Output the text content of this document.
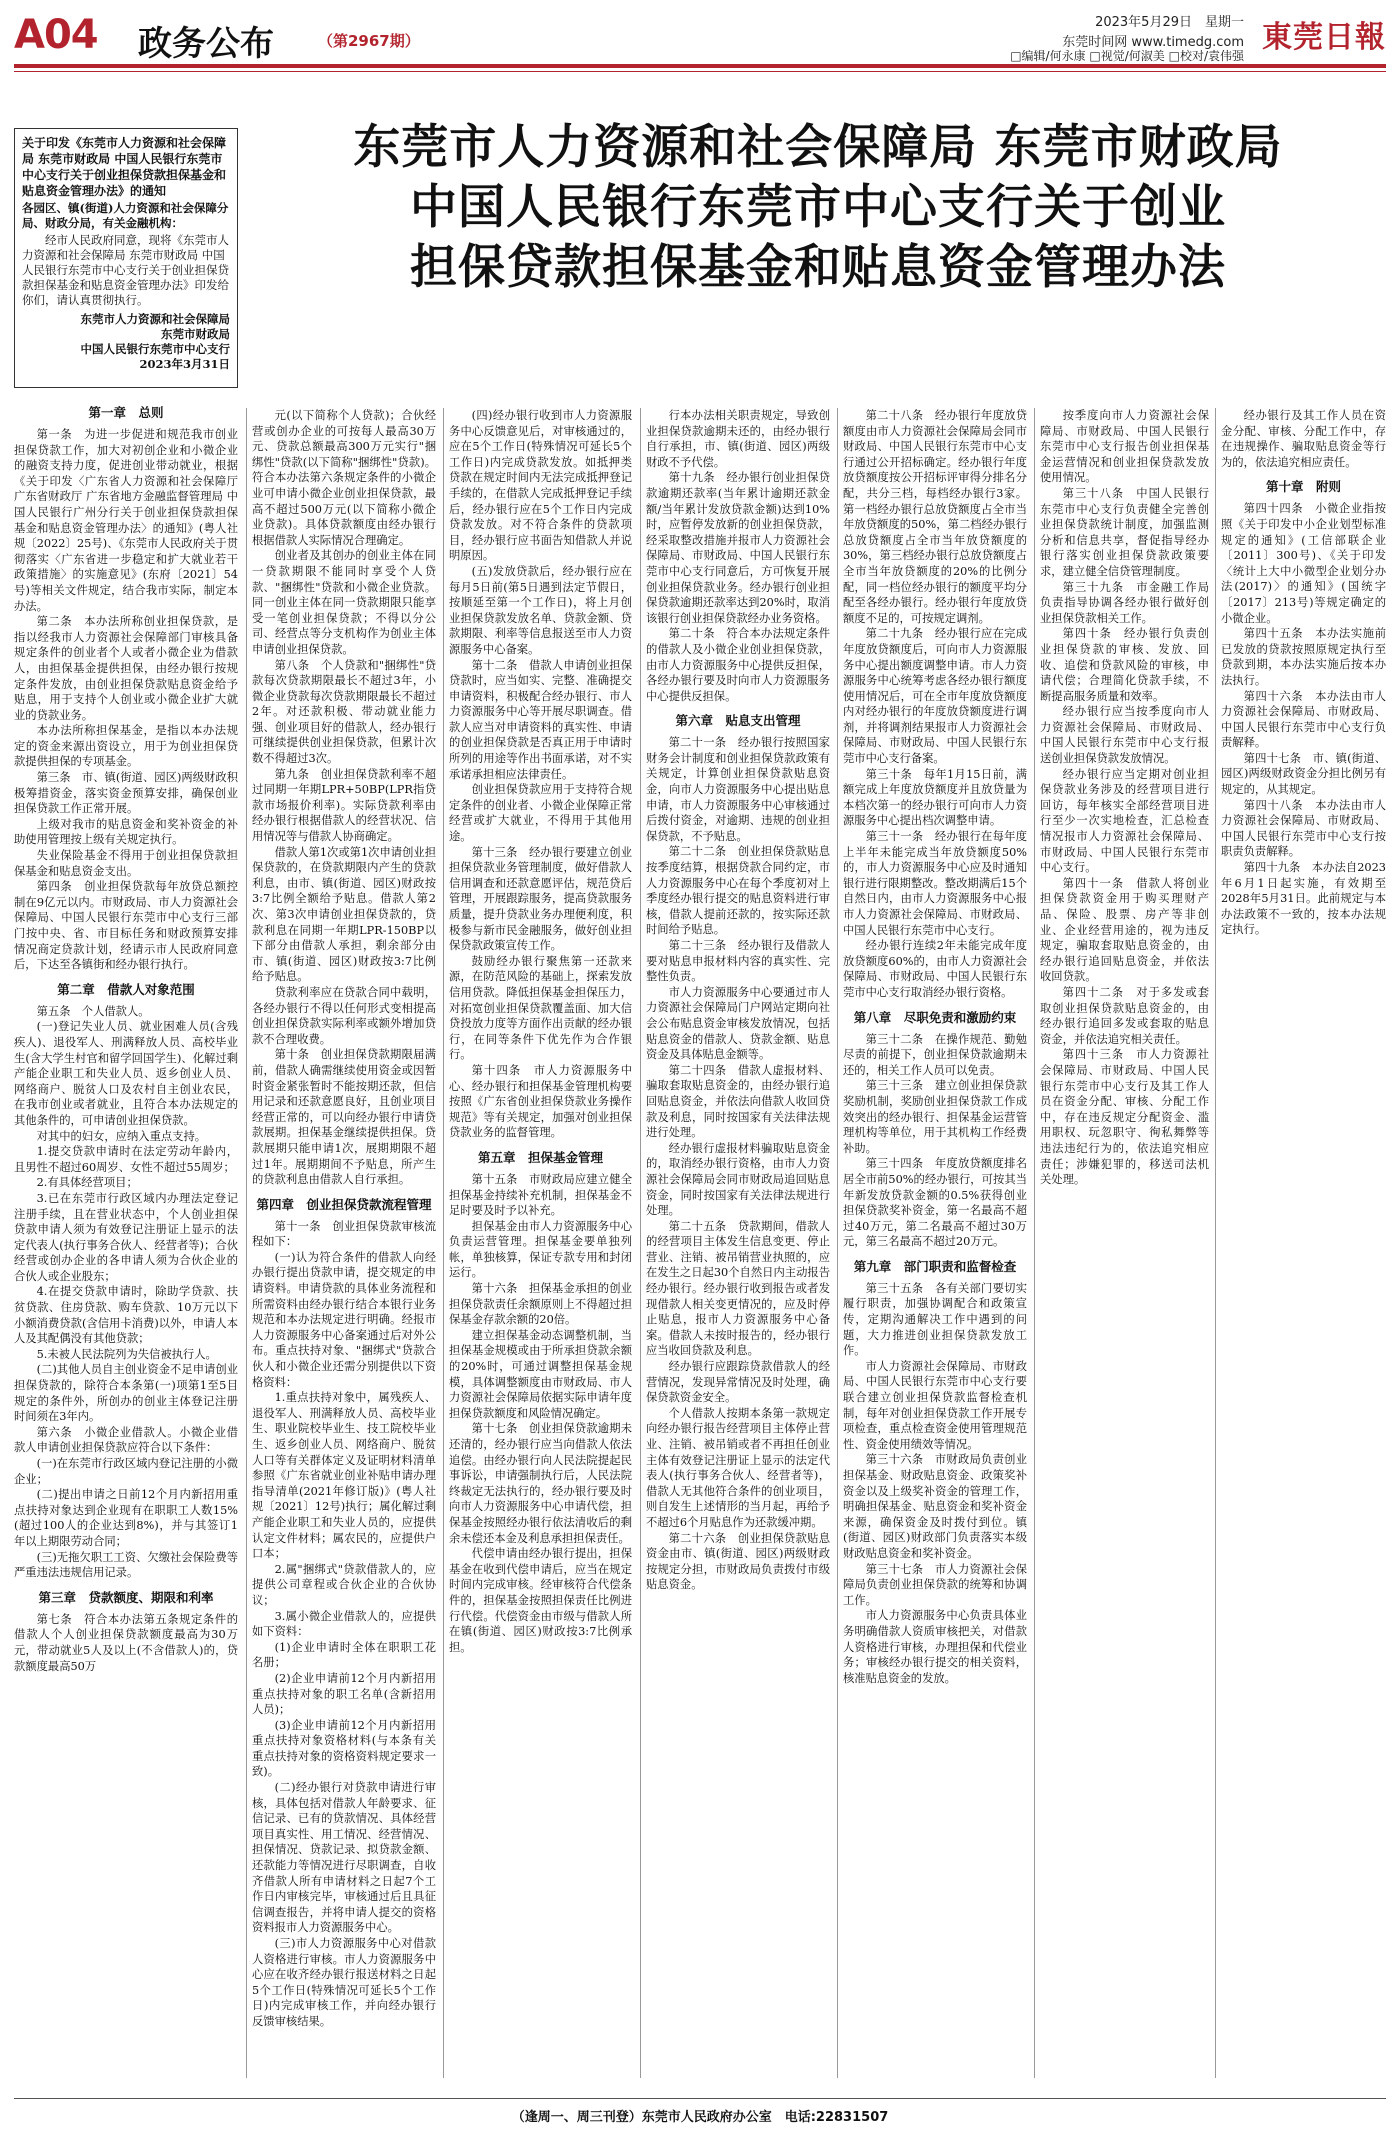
A04 政务公布	（第2967期）
2023年5月29日　星期一
东莞时间网 www.timedg.com
□编辑/何永康 □视觉/何淑美 □校对/袁伟强
東莞日報
关于印发《东莞市人力资源和社会保障局 东莞市财政局 中国人民银行东莞市中心支行关于创业担保贷款担保基金和贴息资金管理办法》的通知
各园区、镇(街道)人力资源和社会保障分局、财政分局，有关金融机构：
经市人民政府同意，现将《东莞市人力资源和社会保障局 东莞市财政局 中国人民银行东莞市中心支行关于创业担保贷款担保基金和贴息资金管理办法》印发给你们，请认真贯彻执行。
东莞市人力资源和社会保障局
东莞市财政局
中国人民银行东莞市中心支行
2023年3月31日
东莞市人力资源和社会保障局 东莞市财政局
中国人民银行东莞市中心支行关于创业
担保贷款担保基金和贴息资金管理办法
第一章　总则

第一条　为进一步促进和规范我市创业担保贷款工作，加大对初创企业和小微企业的融资支持力度，促进创业带动就业，根据《关于印发〈广东省人力资源和社会保障厅 广东省财政厅 广东省地方金融监督管理局 中国人民银行广州分行关于创业担保贷款担保基金和贴息资金管理办法〉的通知》(粤人社规〔2022〕25号)、《东莞市人民政府关于贯彻落实〈广东省进一步稳定和扩大就业若干政策措施〉的实施意见》(东府〔2021〕54号)等相关文件规定，结合我市实际，制定本办法。

第二条　本办法所称创业担保贷款，是指以经我市人力资源社会保障部门审核具备规定条件的创业者个人或者小微企业为借款人，由担保基金提供担保，由经办银行按规定条件发放，由创业担保贷款贴息资金给予贴息，用于支持个人创业或小微企业扩大就业的贷款业务。

本办法所称担保基金，是指以本办法规定的资金来源出资设立，用于为创业担保贷款提供担保的专项基金。

第三条　市、镇(街道、园区)两级财政积极筹措资金，落实资金预算安排，确保创业担保贷款工作正常开展。

上级对我市的贴息资金和奖补资金的补助使用管理按上级有关规定执行。

失业保险基金不得用于创业担保贷款担保基金和贴息资金支出。

第四条　创业担保贷款每年放贷总额控制在9亿元以内。市财政局、市人力资源社会保障局、中国人民银行东莞市中心支行三部门按中央、省、市目标任务和财政预算安排情况商定贷款计划，经请示市人民政府同意后，下达至各镇街和经办银行执行。

第二章　借款人对象范围

第五条　个人借款人。

(一)登记失业人员、就业困难人员(含残疾人)、退役军人、刑满释放人员、高校毕业生(含大学生村官和留学回国学生)、化解过剩产能企业职工和失业人员、返乡创业人员、网络商户、脱贫人口及农村自主创业农民，在我市创业或者就业，且符合本办法规定的其他条件的，可申请创业担保贷款。

对其中的妇女，应纳入重点支持。

1.提交贷款申请时在法定劳动年龄内，且男性不超过60周岁、女性不超过55周岁；

2.有具体经营项目；

3.已在东莞市行政区域内办理法定登记注册手续，且在营业状态中，个人创业担保贷款申请人须为有效登记注册证上显示的法定代表人(执行事务合伙人、经营者等)；合伙经营或创办企业的各申请人须为合伙企业的合伙人或企业股东；

4.在提交贷款申请时，除助学贷款、扶贫贷款、住房贷款、购车贷款、10万元以下小额消费贷款(含信用卡消费)以外，申请人本人及其配偶没有其他贷款；

5.未被人民法院列为失信被执行人。

(二)其他人员自主创业资金不足申请创业担保贷款的，除符合本条第(一)项第1至5目规定的条件外，所创办的创业主体登记注册时间须在3年内。

第六条　小微企业借款人。小微企业借款人申请创业担保贷款应符合以下条件：

(一)在东莞市行政区域内登记注册的小微企业；

(二)提出申请之日前12个月内新招用重点扶持对象达到企业现有在职职工人数15%(超过100人的企业达到8%)，并与其签订1年以上期限劳动合同；

(三)无拖欠职工工资、欠缴社会保险费等严重违法违规信用记录。

第三章　贷款额度、期限和利率

第七条　符合本办法第五条规定条件的借款人个人创业担保贷款额度最高为30万元，带动就业5人及以上(不含借款人)的，贷款额度最高50万

元(以下简称个人贷款)；合伙经营或创办企业的可按每人最高30万元、贷款总额最高300万元实行"捆绑性"贷款(以下简称"捆绑性"贷款)。符合本办法第六条规定条件的小微企业可申请小微企业创业担保贷款，最高不超过500万元(以下简称小微企业贷款)。具体贷款额度由经办银行根据借款人实际情况合理确定。

创业者及其创办的创业主体在同一贷款期限不能同时享受个人贷款、"捆绑性"贷款和小微企业贷款。同一创业主体在同一贷款期限只能享受一笔创业担保贷款；不得以分公司、经营点等分支机构作为创业主体申请创业担保贷款。

第八条　个人贷款和"捆绑性"贷款每次贷款期限最长不超过3年，小微企业贷款每次贷款期限最长不超过2年。对还款积极、带动就业能力强、创业项目好的借款人，经办银行可继续提供创业担保贷款，但累计次数不得超过3次。

第九条　创业担保贷款利率不超过同期一年期LPR+50BP(LPR指贷款市场报价利率)。实际贷款利率由经办银行根据借款人的经营状况、信用情况等与借款人协商确定。

借款人第1次或第1次申请创业担保贷款的，在贷款期限内产生的贷款利息，由市、镇(街道、园区)财政按3:7比例全额给予贴息。借款人第2次、第3次申请创业担保贷款的，贷款利息在同期一年期LPR-150BP以下部分由借款人承担，剩余部分由市、镇(街道、园区)财政按3:7比例给予贴息。

贷款利率应在贷款合同中载明，各经办银行不得以任何形式变相提高创业担保贷款实际利率或额外增加贷款不合理收费。

第十条　创业担保贷款期限届满前，借款人确需继续使用资金或因暂时资金紧张暂时不能按期还款，但信用记录和还款意愿良好，且创业项目经营正常的，可以向经办银行申请贷款展期。担保基金继续提供担保。贷款展期只能申请1次，展期期限不超过1年。展期期间不予贴息，所产生的贷款利息由借款人自行承担。

第四章　创业担保贷款流程管理

第十一条　创业担保贷款审核流程如下：

(一)认为符合条件的借款人向经办银行提出贷款申请，提交规定的申请资料。申请贷款的具体业务流程和所需资料由经办银行结合本银行业务规范和本办法规定进行明确。经报市人力资源服务中心备案通过后对外公布。重点扶持对象、"捆绑式"贷款合伙人和小微企业还需分别提供以下资格资料：

1.重点扶持对象中，属残疾人、退役军人、刑满释放人员、高校毕业生、职业院校毕业生、技工院校毕业生、返乡创业人员、网络商户、脱贫人口等有关群体定义及证明材料清单参照《广东省就业创业补贴申请办理指导清单(2021年修订版)》(粤人社规〔2021〕12号)执行；属化解过剩产能企业职工和失业人员的，应提供认定文件材料；属农民的，应提供户口本；

2.属"捆绑式"贷款借款人的，应提供公司章程或合伙企业的合伙协议；

3.属小微企业借款人的，应提供如下资料：

(1)企业申请时全体在职职工花名册；

(2)企业申请前12个月内新招用重点扶持对象的职工名单(含新招用人员)；

(3)企业申请前12个月内新招用重点扶持对象资格材料(与本条有关重点扶持对象的资格资料规定要求一致)。

(二)经办银行对贷款申请进行审核，具体包括对借款人年龄要求、征信记录、已有的贷款情况、具体经营项目真实性、用工情况、经营情况、担保情况、贷款记录、拟贷款金额、还款能力等情况进行尽职调查，自收齐借款人所有申请材料之日起7个工作日内审核完毕，审核通过后且具征信调查报告，并将申请人提交的资格资料报市人力资源服务中心。

(三)市人力资源服务中心对借款人资格进行审核。市人力资源服务中心应在收齐经办银行报送材料之日起5个工作日(特殊情况可延长5个工作日)内完成审核工作，并向经办银行反馈审核结果。

(四)经办银行收到市人力资源服务中心反馈意见后，对审核通过的，应在5个工作日(特殊情况可延长5个工作日)内完成贷款发放。如抵押类贷款在规定时间内无法完成抵押登记手续的，在借款人完成抵押登记手续后，经办银行应在5个工作日内完成贷款发放。对不符合条件的贷款项目，经办银行应书面告知借款人并说明原因。

(五)发放贷款后，经办银行应在每月5日前(第5日遇到法定节假日，按顺延至第一个工作日)，将上月创业担保贷款发放名单、贷款金额、贷款期限、利率等信息报送至市人力资源服务中心备案。

第十二条　借款人申请创业担保贷款时，应当如实、完整、准确提交申请资料，积极配合经办银行、市人力资源服务中心等开展尽职调查。借款人应当对申请资料的真实性、申请的创业担保贷款是否真正用于申请时所列的用途等作出书面承诺，对不实承诺承担相应法律责任。

创业担保贷款应用于支持符合规定条件的创业者、小微企业保障正常经营或扩大就业，不得用于其他用途。

第十三条　经办银行要建立创业担保贷款业务管理制度，做好借款人信用调查和还款意愿评估，规范贷后管理，开展跟踪服务，提高贷款服务质量，提升贷款业务办理便利度，积极参与新市民金融服务，做好创业担保贷款政策宣传工作。

鼓励经办银行聚焦第一还款来源，在防范风险的基础上，探索发放信用贷款。降低担保基金担保压力，对拓宽创业担保贷款覆盖面、加大信贷投放力度等方面作出贡献的经办银行，在同等条件下优先作为合作银行。

第十四条　市人力资源服务中心、经办银行和担保基金管理机构要按照《广东省创业担保贷款业务操作规范》等有关规定，加强对创业担保贷款业务的监督管理。

第五章　担保基金管理

第十五条　市财政局应建立健全担保基金持续补充机制，担保基金不足时要及时予以补充。

担保基金由市人力资源服务中心负责运营管理。担保基金要单独列帐，单独核算，保证专款专用和封闭运行。

第十六条　担保基金承担的创业担保贷款责任余额原则上不得超过担保基金存款余额的20倍。

建立担保基金动态调整机制，当担保基金规模或由于所承担贷款余额的20%时，可通过调整担保基金规模，具体调整额度由市财政局、市人力资源社会保障局依据实际申请年度担保贷款额度和风险情况确定。

第十七条　创业担保贷款逾期未还清的，经办银行应当向借款人依法追偿。由经办银行向人民法院提起民事诉讼，申请强制执行后，人民法院终裁定无法执行的，经办银行要及时向市人力资源服务中心申请代偿，担保基金按照经办银行依法清收后的剩余未偿还本金及利息承担担保责任。

代偿申请由经办银行提出，担保基金在收到代偿申请后，应当在规定时间内完成审核。经审核符合代偿条件的，担保基金按照担保责任比例进行代偿。代偿资金由市级与借款人所在镇(街道、园区)财政按3:7比例承担。

行本办法相关职责规定，导致创业担保贷款逾期未还的，由经办银行自行承担，市、镇(街道、园区)两级财政不予代偿。

第十九条　经办银行创业担保贷款逾期还款率(当年累计逾期还款金额/当年累计发放贷款金额)达到10%时，应暂停发放新的创业担保贷款，经采取整改措施并报市人力资源社会保障局、市财政局、中国人民银行东莞市中心支行同意后，方可恢复开展创业担保贷款业务。经办银行创业担保贷款逾期还款率达到20%时，取消该银行创业担保贷款经办业务资格。

第二十条　符合本办法规定条件的借款人及小微企业创业担保贷款，由市人力资源服务中心提供反担保，各经办银行要及时向市人力资源服务中心提供反担保。

第六章　贴息支出管理

第二十一条　经办银行按照国家财务会计制度和创业担保贷款政策有关规定，计算创业担保贷款贴息资金，向市人力资源服务中心提出贴息申请，市人力资源服务中心审核通过后拨付资金，对逾期、违规的创业担保贷款，不予贴息。

第二十二条　创业担保贷款贴息按季度结算，根据贷款合同约定，市人力资源服务中心在每个季度初对上季度经办银行提交的贴息资料进行审核，借款人提前还款的，按实际还款时间给予贴息。

第二十三条　经办银行及借款人要对贴息申报材料内容的真实性、完整性负责。

市人力资源服务中心要通过市人力资源社会保障局门户网站定期向社会公布贴息资金审核发放情况，包括贴息资金的借款人、贷款金额、贴息资金及具体贴息金额等。

第二十四条　借款人虚报材料、骗取套取贴息资金的，由经办银行追回贴息资金，并依法向借款人收回贷款及利息，同时按国家有关法律法规进行处理。

经办银行虚报材料骗取贴息资金的，取消经办银行资格，由市人力资源社会保障局会同市财政局追回贴息资金，同时按国家有关法律法规进行处理。

第二十五条　贷款期间，借款人的经营项目主体发生信息变更、停止营业、注销、被吊销营业执照的，应在发生之日起30个自然日内主动报告经办银行。经办银行收到报告或者发现借款人相关变更情况的，应及时停止贴息，报市人力资源服务中心备案。借款人未按时报告的，经办银行应当收回贷款及利息。

经办银行应跟踪贷款借款人的经营情况，发现异常情况及时处理，确保贷款资金安全。

个人借款人按期本条第一款规定向经办银行报告经营项目主体停止营业、注销、被吊销或者不再担任创业主体有效登记注册证上显示的法定代表人(执行事务合伙人、经营者等)，借款人无其他符合条件的创业项目，则自发生上述情形的当月起，再给予不超过6个月贴息作为还款缓冲期。

第二十六条　创业担保贷款贴息资金由市、镇(街道、园区)两级财政按规定分担，市财政局负责拨付市级贴息资金。

第二十八条　经办银行年度放贷额度由市人力资源社会保障局会同市财政局、中国人民银行东莞市中心支行通过公开招标确定。经办银行年度放贷额度按公开招标评审得分排名分配，共分三档，每档经办银行3家。第一档经办银行总放贷额度占全市当年放贷额度的50%，第二档经办银行总放贷额度占全市当年放贷额度的30%，第三档经办银行总放贷额度占全市当年放贷额度的20%的比例分配，同一档位经办银行的额度平均分配至各经办银行。经办银行年度放贷额度不足的，可按规定调剂。

第二十九条　经办银行应在完成年度放贷额度后，可向市人力资源服务中心提出额度调整申请。市人力资源服务中心统筹考虑各经办银行额度使用情况后，可在全市年度放贷额度内对经办银行的年度放贷额度进行调剂，并将调剂结果报市人力资源社会保障局、市财政局、中国人民银行东莞市中心支行备案。

第三十条　每年1月15日前，满额完成上年度放贷额度并且放贷量为本档次第一的经办银行可向市人力资源服务中心提出档次调整申请。

第三十一条　经办银行在每年度上半年未能完成当年放贷额度50%的，市人力资源服务中心应及时通知银行进行限期整改。整改期满后15个自然日内，由市人力资源服务中心报市人力资源社会保障局、市财政局、中国人民银行东莞市中心支行。

经办银行连续2年未能完成年度放贷额度60%的，由市人力资源社会保障局、市财政局、中国人民银行东莞市中心支行取消经办银行资格。

第八章　尽职免责和激励约束

第三十二条　在操作规范、勤勉尽责的前提下，创业担保贷款逾期未还的，相关工作人员可以免责。

第三十三条　建立创业担保贷款奖励机制，奖励创业担保贷款工作成效突出的经办银行、担保基金运营管理机构等单位，用于其机构工作经费补助。

第三十四条　年度放贷额度排名居全市前50%的经办银行，可按其当年新发放贷款金额的0.5%获得创业担保贷款奖补资金，第一名最高不超过40万元，第二名最高不超过30万元，第三名最高不超过20万元。

第九章　部门职责和监督检查

第三十五条　各有关部门要切实履行职责，加强协调配合和政策宣传，定期沟通解决工作中遇到的问题，大力推进创业担保贷款发放工作。

市人力资源社会保障局、市财政局、中国人民银行东莞市中心支行要联合建立创业担保贷款监督检查机制，每年对创业担保贷款工作开展专项检查，重点检查资金使用管理规范性、资金使用绩效等情况。

第三十六条　市财政局负责创业担保基金、财政贴息资金、政策奖补资金以及上级奖补资金的管理工作，明确担保基金、贴息资金和奖补资金来源，确保资金及时拨付到位。镇(街道、园区)财政部门负责落实本级财政贴息资金和奖补资金。

第三十七条　市人力资源社会保障局负责创业担保贷款的统筹和协调工作。

市人力资源服务中心负责具体业务明确借款人资质审核把关，对借款人资格进行审核，办理担保和代偿业务；审核经办银行提交的相关资料，核准贴息资金的发放。

按季度向市人力资源社会保障局、市财政局、中国人民银行东莞市中心支行报告创业担保基金运营情况和创业担保贷款发放使用情况。

第三十八条　中国人民银行东莞市中心支行负责健全完善创业担保贷款统计制度，加强监测分析和信息共享，督促指导经办银行落实创业担保贷款政策要求，建立健全信贷管理制度。

第三十九条　市金融工作局负责指导协调各经办银行做好创业担保贷款相关工作。

第四十条　经办银行负责创业担保贷款的审核、发放、回收、追偿和贷款风险的审核，申请代偿；合理简化贷款手续，不断提高服务质量和效率。

经办银行应当按季度向市人力资源社会保障局、市财政局、中国人民银行东莞市中心支行报送创业担保贷款发放情况。

经办银行应当定期对创业担保贷款业务涉及的经营项目进行回访，每年核实全部经营项目进行至少一次实地检查，汇总检查情况报市人力资源社会保障局、市财政局、中国人民银行东莞市中心支行。

第四十一条　借款人将创业担保贷款资金用于购买理财产品、保险、股票、房产等非创业、企业经营用途的，视为违反规定，骗取套取贴息资金的，由经办银行追回贴息资金，并依法收回贷款。

第四十二条　对于多发或套取创业担保贷款贴息资金的，由经办银行追回多发或套取的贴息资金，并依法追究相关责任。

第四十三条　市人力资源社会保障局、市财政局、中国人民银行东莞市中心支行及其工作人员在资金分配、审核、分配工作中，存在违反规定分配资金、滥用职权、玩忽职守、徇私舞弊等违法违纪行为的，依法追究相应责任；涉嫌犯罪的，移送司法机关处理。

经办银行及其工作人员在资金分配、审核、分配工作中，存在违规操作、骗取贴息资金等行为的，依法追究相应责任。

第十章　附则

第四十四条　小微企业指按照《关于印发中小企业划型标准规定的通知》(工信部联企业〔2011〕300号)、《关于印发〈统计上大中小微型企业划分办法(2017)〉的通知》(国统字〔2017〕213号)等规定确定的小微企业。

第四十五条　本办法实施前已发放的贷款按照原规定执行至贷款到期，本办法实施后按本办法执行。

第四十六条　本办法由市人力资源社会保障局、市财政局、中国人民银行东莞市中心支行负责解释。

第四十七条　市、镇(街道、园区)两级财政资金分担比例另有规定的，从其规定。

第四十八条　本办法由市人力资源社会保障局、市财政局、中国人民银行东莞市中心支行按职责负责解释。

第四十九条　本办法自2023年6月1日起实施，有效期至2028年5月31日。此前规定与本办法政策不一致的，按本办法规定执行。

（逢周一、周三刊登）东莞市人民政府办公室　电话:22831507
